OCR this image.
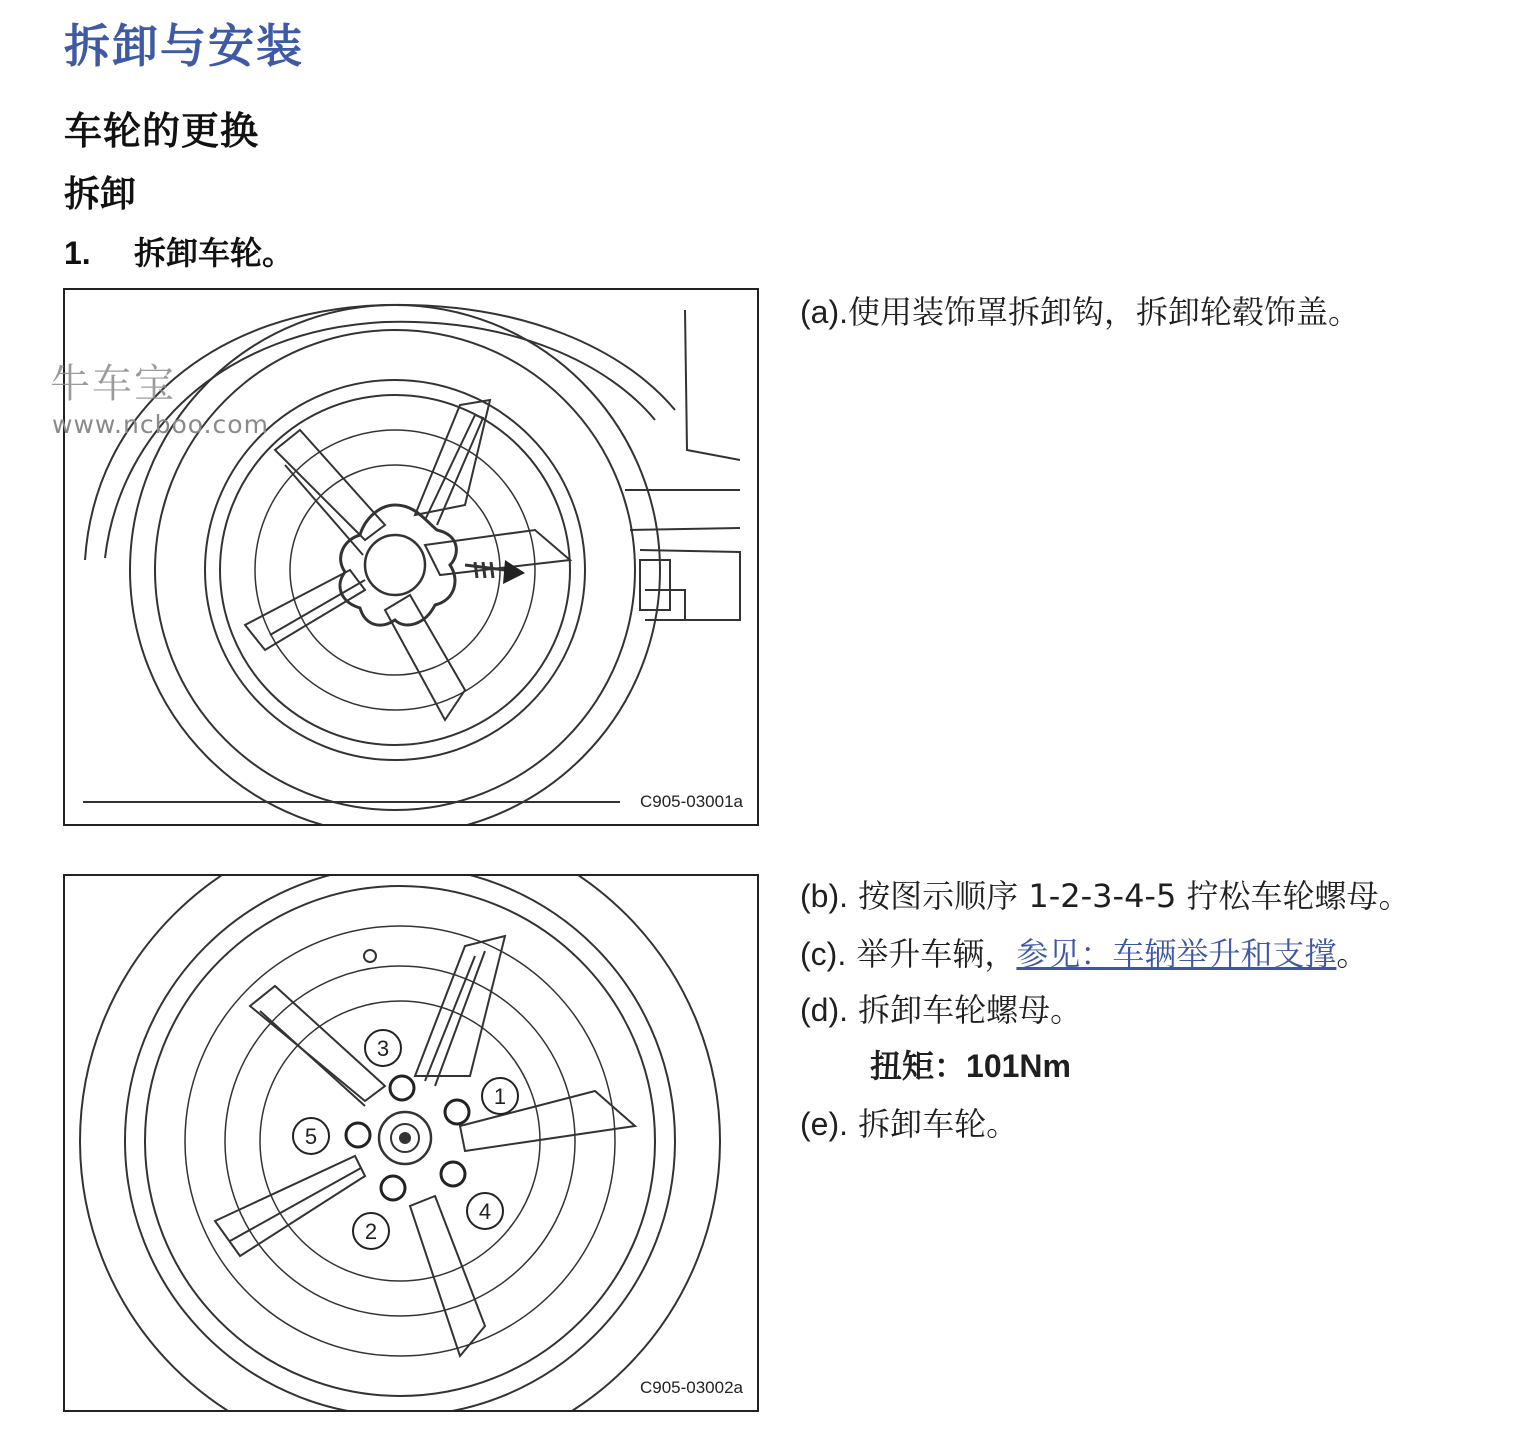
拆卸与安装
车轮的更换
拆卸
1. 拆卸车轮。
C905-03001a
牛车宝
www.ncboo.com
1
2
3
4
5
C905-03002a
(a).使用装饰罩拆卸钩，拆卸轮毂饰盖。
(b). 按图示顺序 1-2-3-4-5 拧松车轮螺母。
(c). 举升车辆，参见：车辆举升和支撑。
(d). 拆卸车轮螺母。
扭矩：101Nm
(e). 拆卸车轮。
